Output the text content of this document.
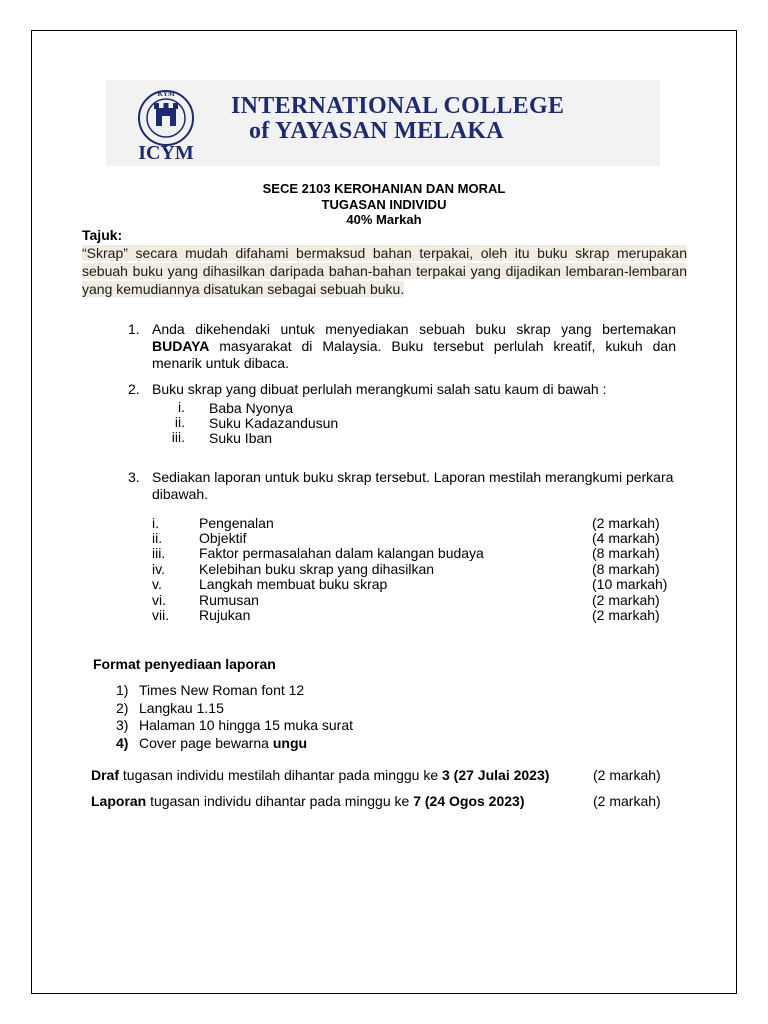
KYM
ICYM
INTERNATIONAL COLLEGE
of YAYASAN MELAKA
SECE 2103 KEROHANIAN DAN MORAL
TUGASAN INDIVIDU
40% Markah
Tajuk:
“Skrap” secara mudah difahami bermaksud bahan terpakai, oleh itu buku skrap merupakan
sebuah buku yang dihasilkan daripada bahan-bahan terpakai yang dijadikan lembaran-lembaran
yang kemudiannya disatukan sebagai sebuah buku.
1. Anda dikehendaki untuk menyediakan sebuah buku skrap yang bertemakan
BUDAYA masyarakat di Malaysia. Buku tersebut perlulah kreatif, kukuh dan
menarik untuk dibaca.
2. Buku skrap yang dibuat perlulah merangkumi salah satu kaum di bawah :
i. Baba Nyonya
ii. Suku Kadazandusun
iii. Suku Iban
3. Sediakan laporan untuk buku skrap tersebut. Laporan mestilah merangkumi perkara
dibawah.
i.	Pengenalan	(2 markah)
ii.	Objektif	(4 markah)
iii. Faktor permasalahan dalam kalangan budaya	(8 markah)
iv. Kelebihan buku skrap yang dihasilkan	(8 markah)
v.	Langkah membuat buku skrap	(10 markah)
vi. Rumusan	(2 markah)
vii. Rujukan	(2 markah)
Format penyediaan laporan
1) Times New Roman font 12
2) Langkau 1.15
3) Halaman 10 hingga 15 muka surat
4) Cover page bewarna ungu
Draf tugasan individu mestilah dihantar pada minggu ke 3 (27 Julai 2023)	(2 markah)
Laporan tugasan individu dihantar pada minggu ke 7 (24 Ogos 2023)	(2 markah)
